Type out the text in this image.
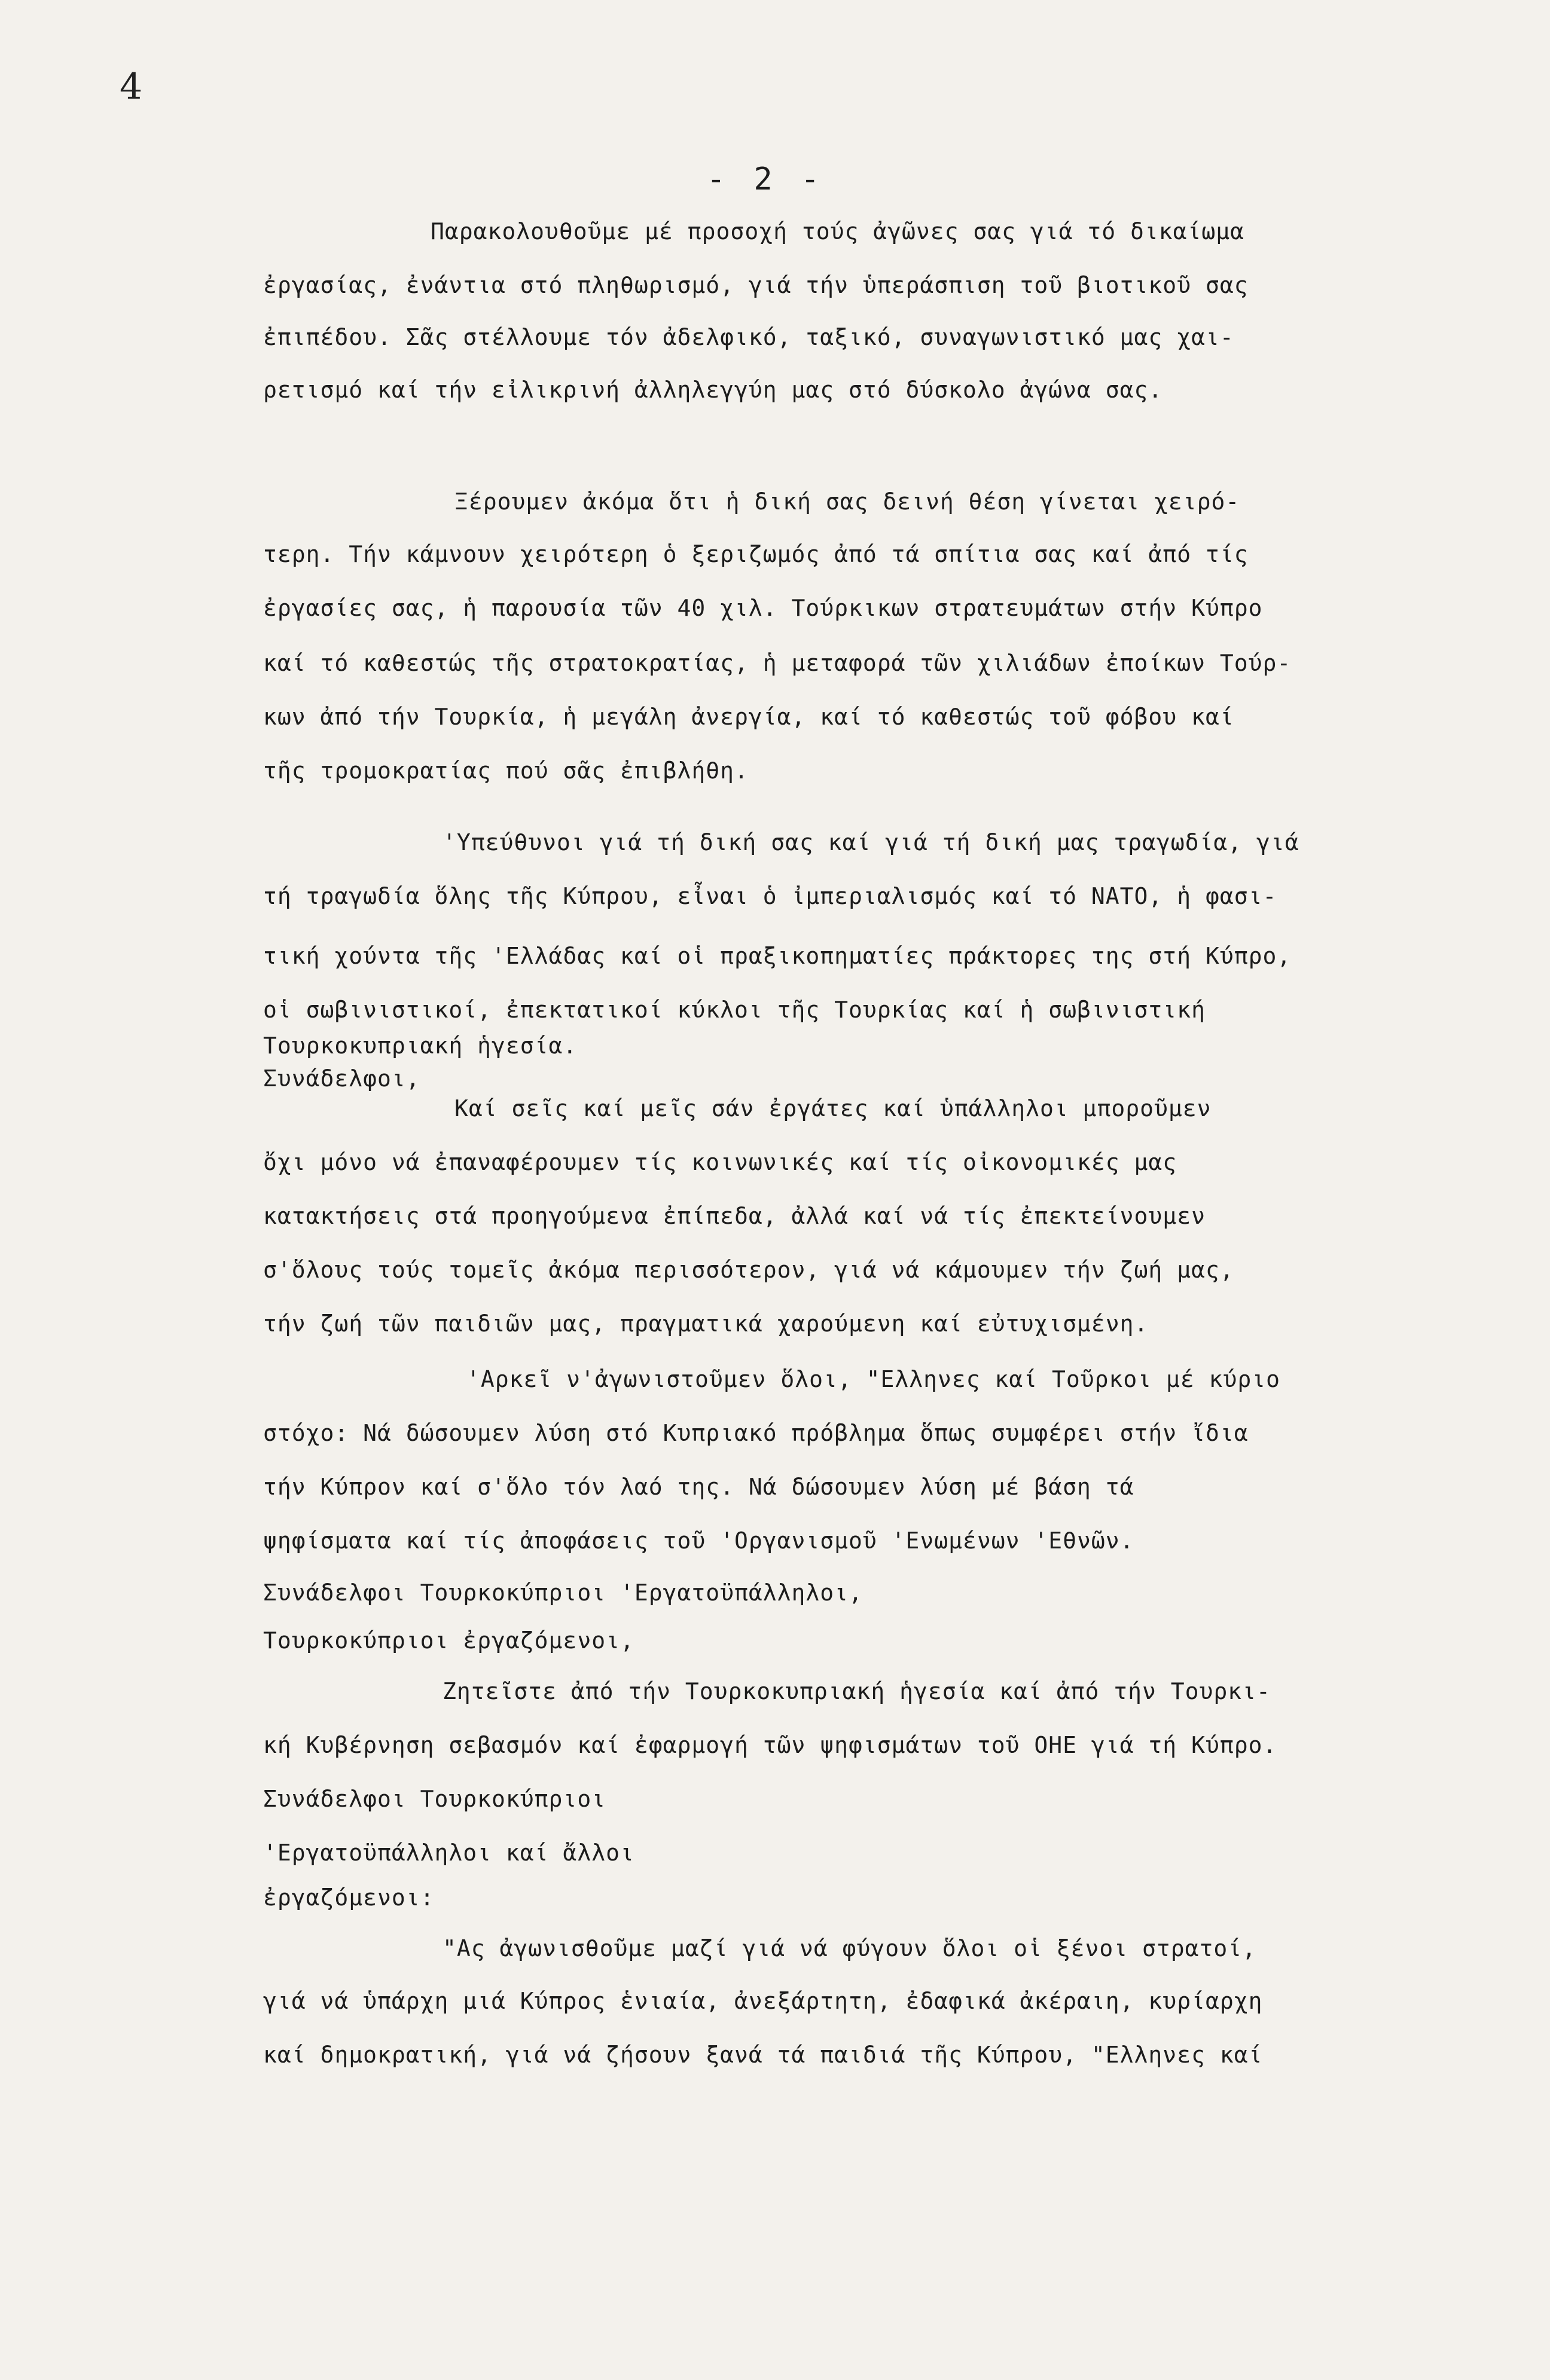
4
- 2 -
Παρακολουθοῦμε μέ προσοχή τούς ἀγῶνες σας γιά τό δικαίωμα
ἐργασίας, ἐνάντια στό πληθωρισμό, γιά τήν ὑπεράσπιση τοῦ βιοτικοῦ σας
ἐπιπέδου. Σᾶς στέλλουμε τόν ἀδελφικό, ταξικό, συναγωνιστικό μας χαι-
ρετισμό καί τήν εἰλικρινή ἀλληλεγγύη μας στό δύσκολο ἀγώνα σας.
Ξέρουμεν ἀκόμα ὅτι ἡ δική σας δεινή θέση γίνεται χειρό-
τερη. Τήν κάμνουν χειρότερη ὁ ξεριζωμός ἀπό τά σπίτια σας καί ἀπό τίς
ἐργασίες σας, ἡ παρουσία τῶν 40 χιλ. Τούρκικων στρατευμάτων στήν Κύπρο
καί τό καθεστώς τῆς στρατοκρατίας, ἡ μεταφορά τῶν χιλιάδων ἐποίκων Τούρ-
κων ἀπό τήν Τουρκία, ἡ μεγάλη ἀνεργία, καί τό καθεστώς τοῦ φόβου καί
τῆς τρομοκρατίας πού σᾶς ἐπιβλήθη.
'Υπεύθυνοι γιά τή δική σας καί γιά τή δική μας τραγωδία, γιά
τή τραγωδία ὅλης τῆς Κύπρου, εἶναι ὁ ἰμπεριαλισμός καί τό ΝΑΤΟ, ἡ φασι-
τική χούντα τῆς 'Ελλάδας καί οἱ πραξικοπηματίες πράκτορες της στή Κύπρο,
οἱ σωβινιστικοί, ἐπεκτατικοί κύκλοι τῆς Τουρκίας καί ἡ σωβινιστική
Τουρκοκυπριακή ἡγεσία.
Συνάδελφοι,
Καί σεῖς καί μεῖς σάν ἐργάτες καί ὑπάλληλοι μποροῦμεν
ὄχι μόνο νά ἐπαναφέρουμεν τίς κοινωνικές καί τίς οἰκονομικές μας
κατακτήσεις στά προηγούμενα ἐπίπεδα, ἀλλά καί νά τίς ἐπεκτείνουμεν
σ'ὅλους τούς τομεῖς ἀκόμα περισσότερον, γιά νά κάμουμεν τήν ζωή μας,
τήν ζωή τῶν παιδιῶν μας, πραγματικά χαρούμενη καί εὐτυχισμένη.
'Αρκεῖ ν'ἀγωνιστοῦμεν ὅλοι, "Ελληνες καί Τοῦρκοι μέ κύριο
στόχο: Νά δώσουμεν λύση στό Κυπριακό πρόβλημα ὅπως συμφέρει στήν ἴδια
τήν Κύπρον καί σ'ὅλο τόν λαό της. Νά δώσουμεν λύση μέ βάση τά
ψηφίσματα καί τίς ἀποφάσεις τοῦ 'Οργανισμοῦ 'Ενωμένων 'Εθνῶν.
Συνάδελφοι Τουρκοκύπριοι 'Εργατοϋπάλληλοι,
Τουρκοκύπριοι ἐργαζόμενοι,
Ζητεῖστε ἀπό τήν Τουρκοκυπριακή ἡγεσία καί ἀπό τήν Τουρκι-
κή Κυβέρνηση σεβασμόν καί ἐφαρμογή τῶν ψηφισμάτων τοῦ ΟΗΕ γιά τή Κύπρο.
Συνάδελφοι Τουρκοκύπριοι
'Εργατοϋπάλληλοι καί ἄλλοι
ἐργαζόμενοι:
"Ας ἀγωνισθοῦμε μαζί γιά νά φύγουν ὅλοι οἱ ξένοι στρατοί,
γιά νά ὑπάρχη μιά Κύπρος ἑνιαία, ἀνεξάρτητη, ἐδαφικά ἀκέραιη, κυρίαρχη
καί δημοκρατική, γιά νά ζήσουν ξανά τά παιδιά τῆς Κύπρου, "Ελληνες καί
